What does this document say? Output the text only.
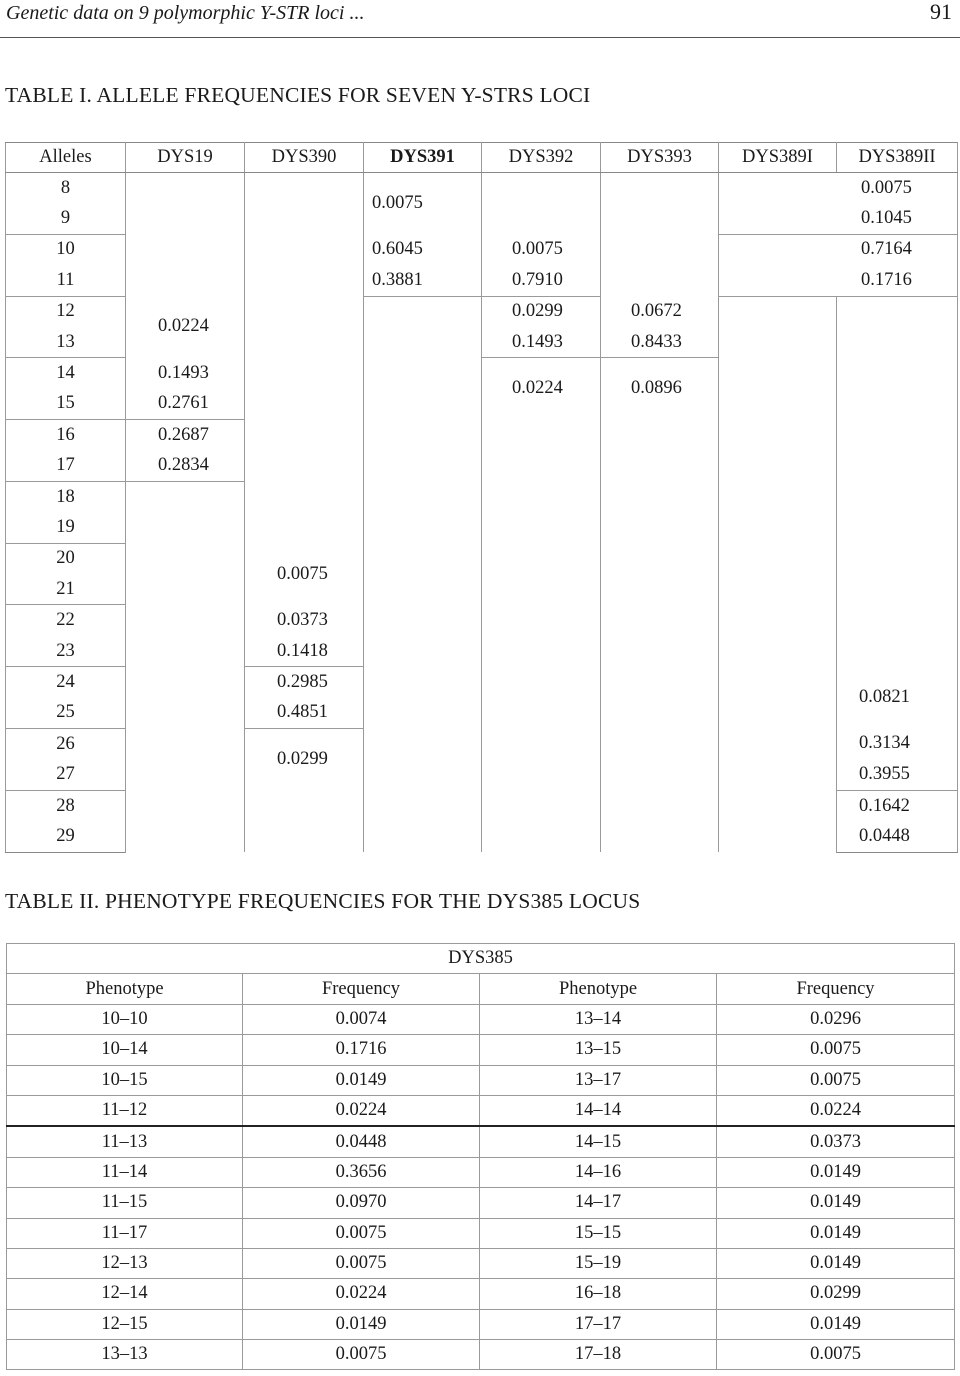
Genetic data on 9 polymorphic Y-STR loci ...	91
TABLE I. ALLELE FREQUENCIES FOR SEVEN Y-STRS LOCI
Alleles	DYS19	DYS390	DYS391	DYS392	DYS393	DYS389I	DYS389II	
8			0.0075			0.0075		
9						0.1045		
10			0.6045	0.0075		0.7164		
11			0.3881	0.7910		0.1716		
12	0.0224			0.0299	0.0672			
13				0.1493	0.8433			
14	0.1493			0.0224	0.0896			
15	0.2761							
16	0.2687							
17	0.2834							
18								
19								
20		0.0075						
21								
22		0.0373						
23		0.1418						
24		0.2985					0.0821	
25		0.4851						
26		0.0299					0.3134	
27							0.3955	
28							0.1642	
29							0.0448	
TABLE II. PHENOTYPE FREQUENCIES FOR THE DYS385 LOCUS
DYS385			
Phenotype	Frequency	Phenotype	Frequency
10–10	0.0074	13–14	0.0296
10–14	0.1716	13–15	0.0075
10–15	0.0149	13–17	0.0075
11–12	0.0224	14–14	0.0224
11–13	0.0448	14–15	0.0373
11–14	0.3656	14–16	0.0149
11–15	0.0970	14–17	0.0149
11–17	0.0075	15–15	0.0149
12–13	0.0075	15–19	0.0149
12–14	0.0224	16–18	0.0299
12–15	0.0149	17–17	0.0149
13–13	0.0075	17–18	0.0075
